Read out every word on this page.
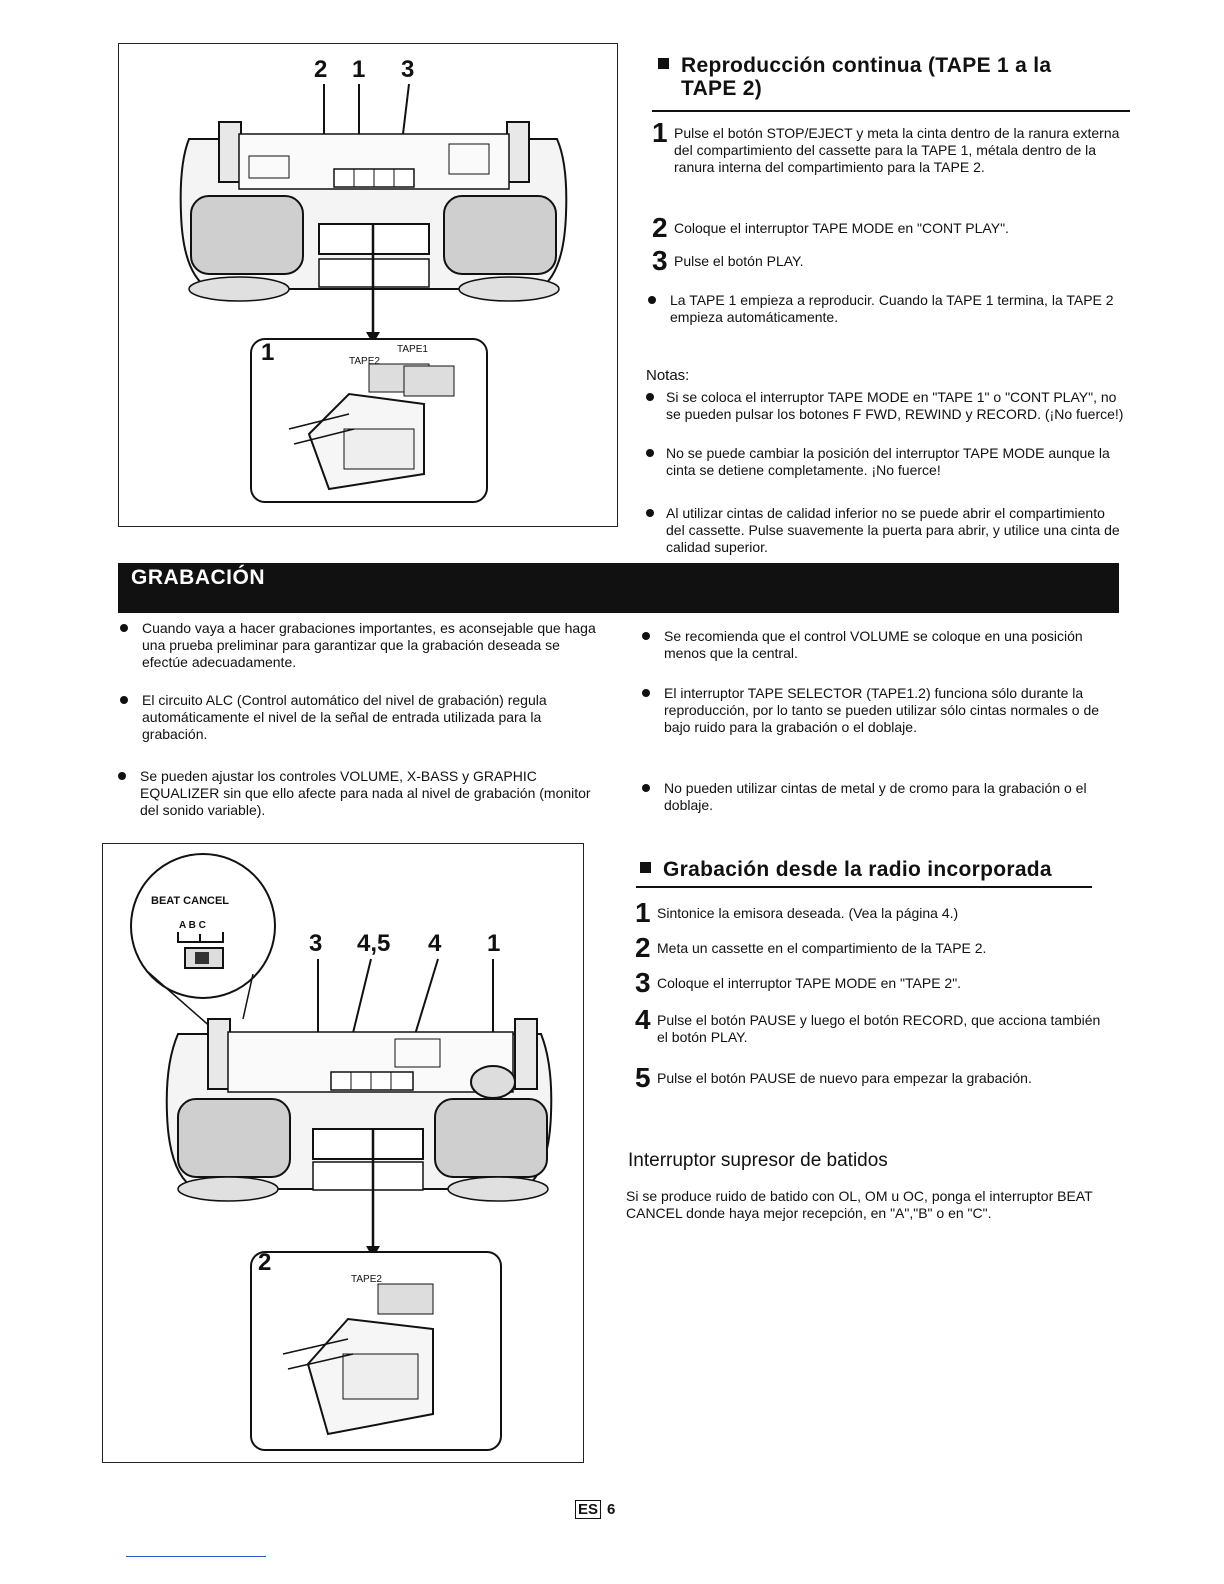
2 1 3
1	TAPE2
TAPE1
Reproducción continua (TAPE 1 a la
TAPE 2)
1 Pulse el botón STOP/EJECT y meta la cinta dentro de la ranura externa del compartimiento del cassette para la TAPE 1, métala dentro de la ranura interna del compartimiento para la TAPE 2.
2 Coloque el interruptor TAPE MODE en "CONT PLAY".
3 Pulse el botón PLAY.
La TAPE 1 empieza a reproducir. Cuando la TAPE 1 termina, la TAPE 2 empieza automáticamente.
Notas:
Si se coloca el interruptor TAPE MODE en "TAPE 1" o "CONT PLAY", no se pueden pulsar los botones F FWD, REWIND y RECORD. (¡No fuerce!)
No se puede cambiar la posición del interruptor TAPE MODE aunque la cinta se detiene completamente. ¡No fuerce!
Al utilizar cintas de calidad inferior no se puede abrir el compartimiento del cassette. Pulse suavemente la puerta para abrir, y utilice una cinta de calidad superior.
GRABACIÓN
Cuando vaya a hacer grabaciones importantes, es aconsejable que haga una prueba preliminar para garantizar que la grabación deseada se efectúe adecuadamente.
El circuito ALC (Control automático del nivel de grabación) regula automáticamente el nivel de la señal de entrada utilizada para la grabación.
Se pueden ajustar los controles VOLUME, X-BASS y GRAPHIC EQUALIZER sin que ello afecte para nada al nivel de grabación (monitor del sonido variable).
Se recomienda que el control VOLUME se coloque en una posición menos que la central.
El interruptor TAPE SELECTOR (TAPE1.2) funciona sólo durante la reproducción, por lo tanto se pueden utilizar sólo cintas normales o de bajo ruido para la grabación o el doblaje.
No pueden utilizar cintas de metal y de cromo para la grabación o el doblaje.
BEAT CANCEL
A B C
3 4,5 4 1
2
TAPE2
Grabación desde la radio incorporada
1 Sintonice la emisora deseada. (Vea la página 4.)
2 Meta un cassette en el compartimiento de la TAPE 2.
3 Coloque el interruptor TAPE MODE en "TAPE 2".
4 Pulse el botón PAUSE y luego el botón RECORD, que acciona también el botón PLAY.
5 Pulse el botón PAUSE de nuevo para empezar la grabación.
Interruptor supresor de batidos
Si se produce ruido de batido con OL, OM u OC, ponga el interruptor BEAT CANCEL donde haya mejor recepción, en "A","B" o en "C".
ES 6
